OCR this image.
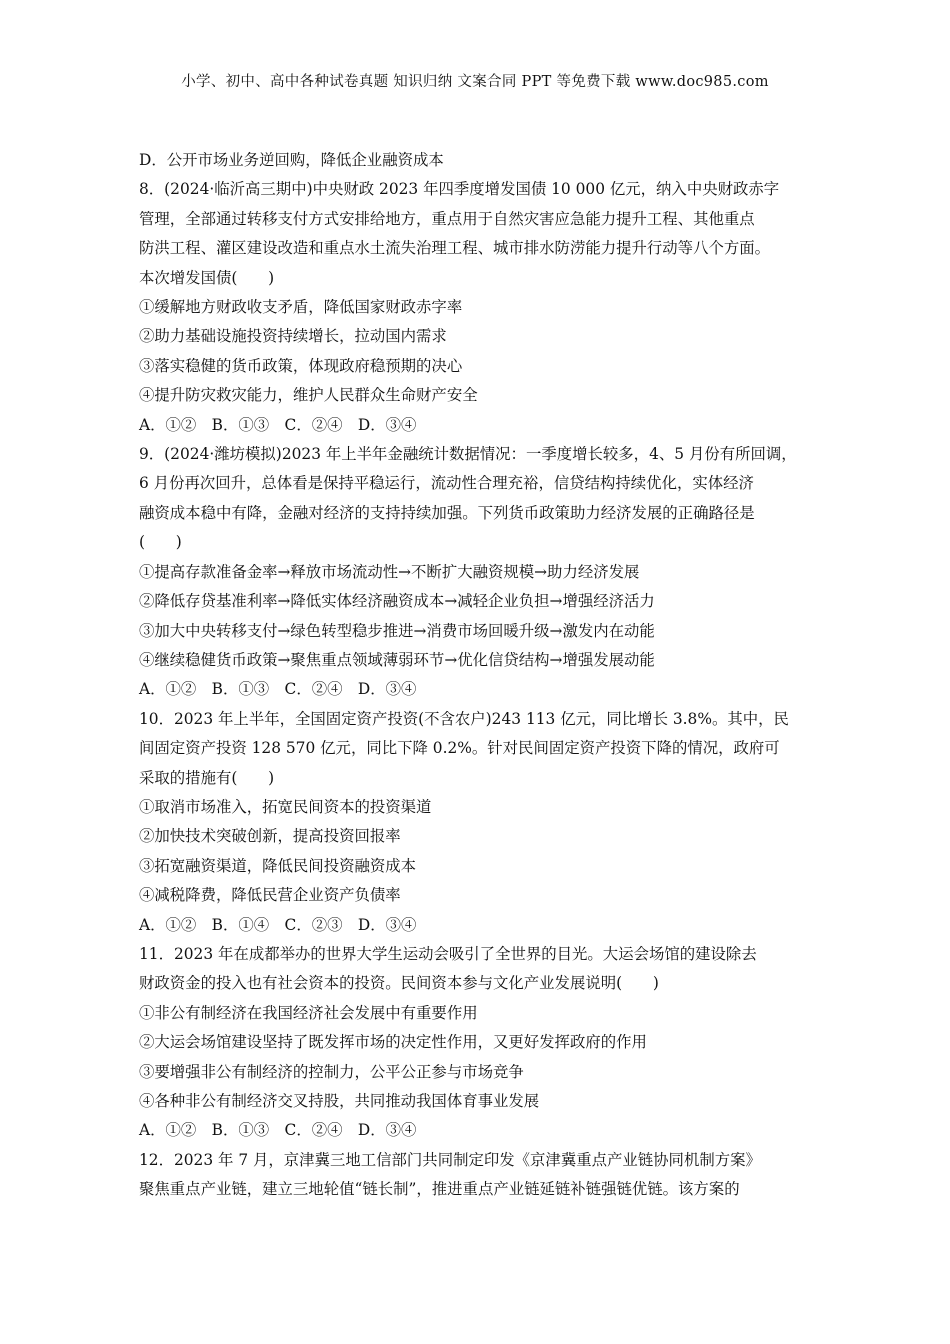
小学、初中、高中各种试卷真题 知识归纳 文案合同 PPT 等免费下载 www.doc985.com
D．公开市场业务逆回购，降低企业融资成本
8．(2024·临沂高三期中)中央财政 2023 年四季度增发国债 10 000 亿元，纳入中央财政赤字
管理，全部通过转移支付方式安排给地方，重点用于自然灾害应急能力提升工程、其他重点
防洪工程、灌区建设改造和重点水土流失治理工程、城市排水防涝能力提升行动等八个方面。
本次增发国债(　　)
①缓解地方财政收支矛盾，降低国家财政赤字率
②助力基础设施投资持续增长，拉动国内需求
③落实稳健的货币政策，体现政府稳预期的决心
④提升防灾救灾能力，维护人民群众生命财产安全
A．①②　B．①③　C．②④　D．③④
9．(2024·潍坊模拟)2023 年上半年金融统计数据情况：一季度增长较多，4、5 月份有所回调，
6 月份再次回升，总体看是保持平稳运行，流动性合理充裕，信贷结构持续优化，实体经济
融资成本稳中有降，金融对经济的支持持续加强。下列货币政策助力经济发展的正确路径是
(　　)
①提高存款准备金率→释放市场流动性→不断扩大融资规模→助力经济发展
②降低存贷基准利率→降低实体经济融资成本→减轻企业负担→增强经济活力
③加大中央转移支付→绿色转型稳步推进→消费市场回暖升级→激发内在动能
④继续稳健货币政策→聚焦重点领域薄弱环节→优化信贷结构→增强发展动能
A．①②　B．①③　C．②④　D．③④
10．2023 年上半年，全国固定资产投资(不含农户)243 113 亿元，同比增长 3.8%。其中，民
间固定资产投资 128 570 亿元，同比下降 0.2%。针对民间固定资产投资下降的情况，政府可
采取的措施有(　　)
①取消市场准入，拓宽民间资本的投资渠道
②加快技术突破创新，提高投资回报率
③拓宽融资渠道，降低民间投资融资成本
④减税降费，降低民营企业资产负债率
A．①②　B．①④　C．②③　D．③④
11．2023 年在成都举办的世界大学生运动会吸引了全世界的目光。大运会场馆的建设除去
财政资金的投入也有社会资本的投资。民间资本参与文化产业发展说明(　　)
①非公有制经济在我国经济社会发展中有重要作用
②大运会场馆建设坚持了既发挥市场的决定性作用，又更好发挥政府的作用
③要增强非公有制经济的控制力，公平公正参与市场竞争
④各种非公有制经济交叉持股，共同推动我国体育事业发展
A．①②　B．①③　C．②④　D．③④
12．2023 年 7 月，京津冀三地工信部门共同制定印发《京津冀重点产业链协同机制方案》
聚焦重点产业链，建立三地轮值“链长制”，推进重点产业链延链补链强链优链。该方案的
